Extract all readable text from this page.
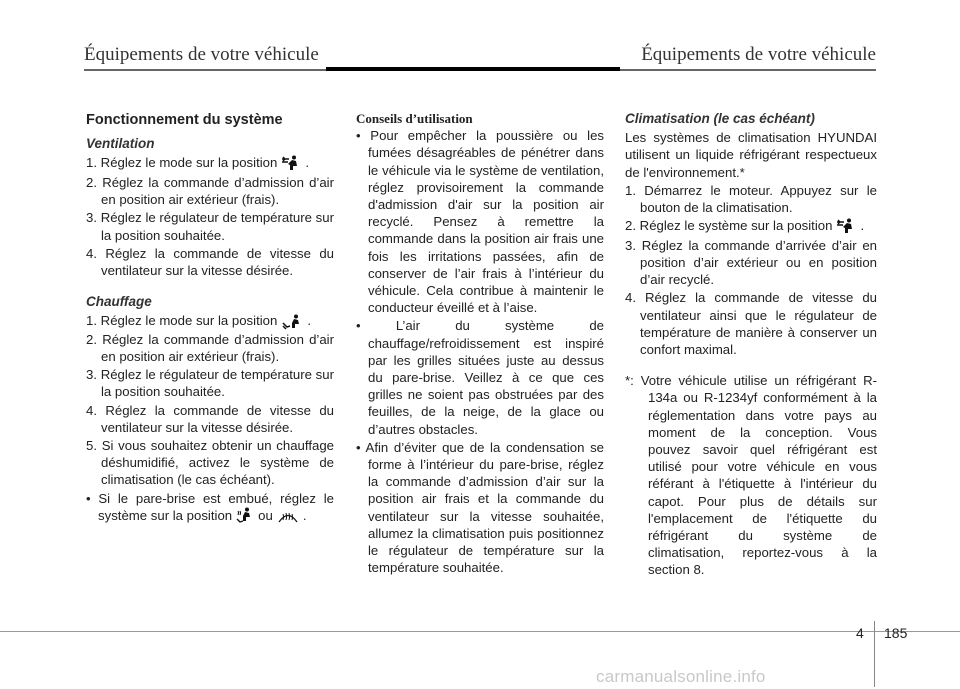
Équipements de votre véhicule	Équipements de votre véhicule
Fonctionnement du système
Ventilation
1. Réglez le mode sur la position .
2. Réglez la commande d’admission d’air en position air extérieur (frais).
3. Réglez le régulateur de température sur la position souhaitée.
4. Réglez la commande de vitesse du ventilateur sur la vitesse désirée.
Chauffage
1. Réglez le mode sur la position .
2. Réglez la commande d’admission d’air en position air extérieur (frais).
3. Réglez le régulateur de température sur la position souhaitée.
4. Réglez la commande de vitesse du ventilateur sur la vitesse désirée.
5. Si vous souhaitez obtenir un chauffage déshumidifié, activez le système de climatisation (le cas échéant).
• Si le pare-brise est embué, réglez le système sur la position ou .
Conseils d’utilisation
• Pour empêcher la poussière ou les fumées désagréables de pénétrer dans le véhicule via le système de ventilation, réglez provisoirement la commande d'admission d'air sur la position air recyclé. Pensez à remettre la commande dans la position air frais une fois les irritations passées, afin de conserver de l’air frais à l’intérieur du véhicule. Cela contribue à maintenir le conducteur éveillé et à l’aise.
• L’air du système de chauffage/refroidissement est inspiré par les grilles situées juste au dessus du pare-brise. Veillez à ce que ces grilles ne soient pas obstruées par des feuilles, de la neige, de la glace ou d’autres obstacles.
• Afin d’éviter que de la condensation se forme à l’intérieur du pare-brise, réglez la commande d’admission d’air sur la position air frais et la commande du ventilateur sur la vitesse souhaitée, allumez la climatisation puis positionnez le régulateur de température sur la température souhaitée.
Climatisation (le cas échéant)
Les systèmes de climatisation HYUNDAI utilisent un liquide réfrigérant respectueux de l'environnement.*
1. Démarrez le moteur. Appuyez sur le bouton de la climatisation.
2. Réglez le système sur la position .
3. Réglez la commande d’arrivée d’air en position d’air extérieur ou en position d’air recyclé.
4. Réglez la commande de vitesse du ventilateur ainsi que le régulateur de température de manière à conserver un confort maximal.
*: Votre véhicule utilise un réfrigérant R-134a ou R-1234yf conformément à la réglementation dans votre pays au moment de la conception. Vous pouvez savoir quel réfrigérant est utilisé pour votre véhicule en vous référant à l'étiquette à l'intérieur du capot. Pour plus de détails sur l'emplacement de l'étiquette du réfrigérant du système de climatisation, reportez-vous à la section 8.
4 185
carmanualsonline.info
